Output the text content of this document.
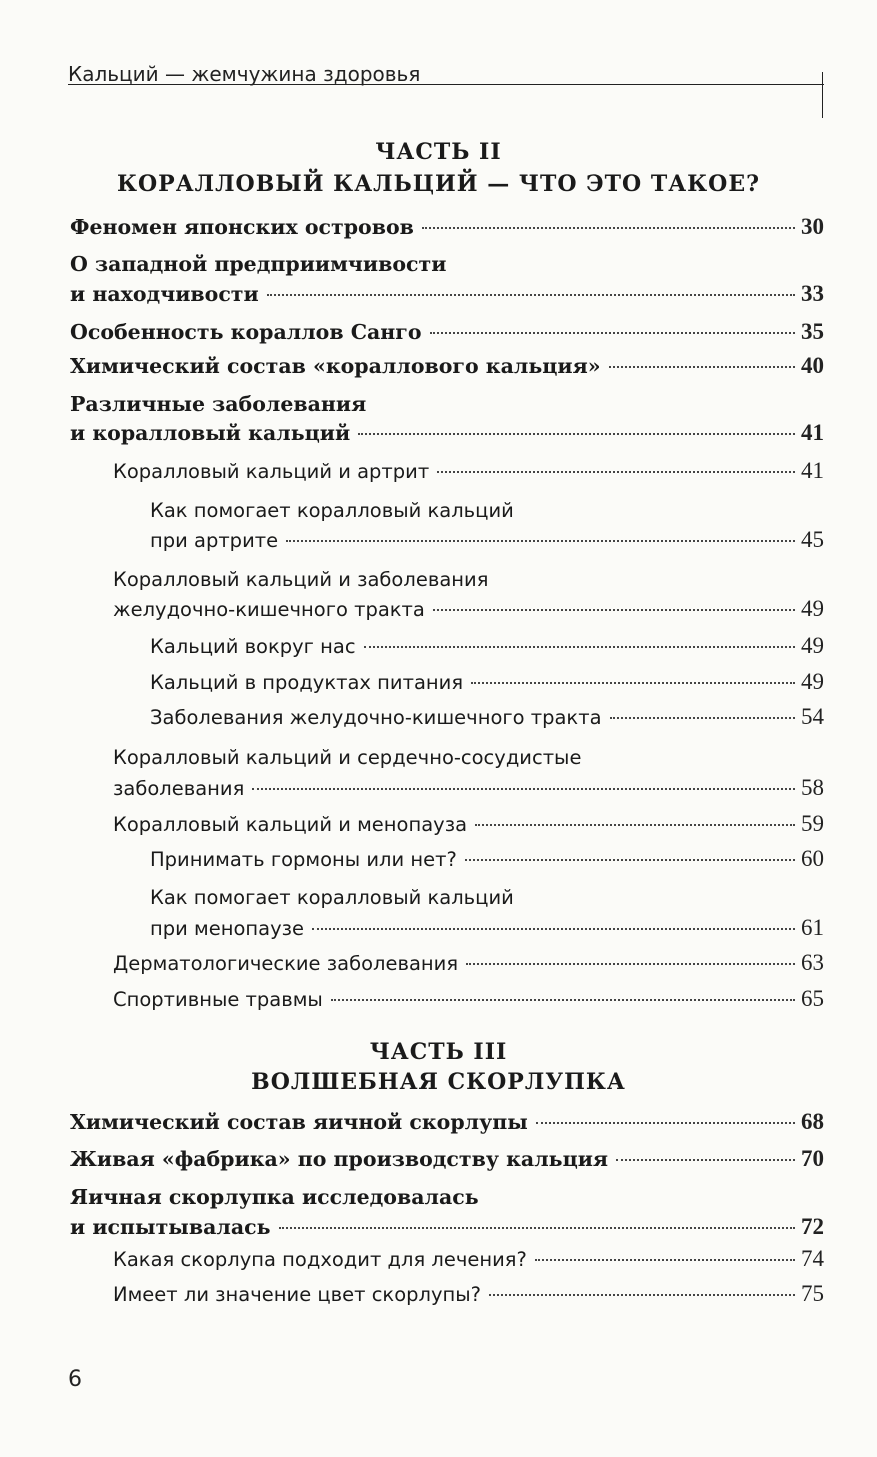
Кальций — жемчужина здоровья
ЧАСТЬ II
КОРАЛЛОВЫЙ КАЛЬЦИЙ — ЧТО ЭТО ТАКОЕ?
Феномен японских островов	30
О западной предприимчивости
и находчивости	33
Особенность кораллов Санго	35
Химический состав «кораллового кальция»	40
Различные заболевания
и коралловый кальций	41
Коралловый кальций и артрит	41
Как помогает коралловый кальций
при артрите	45
Коралловый кальций и заболевания
желудочно-кишечного тракта	49
Кальций вокруг нас	49
Кальций в продуктах питания	49
Заболевания желудочно-кишечного тракта	54
Коралловый кальций и сердечно-сосудистые
заболевания	58
Коралловый кальций и менопауза	59
Принимать гормоны или нет?	60
Как помогает коралловый кальций
при менопаузе	61
Дерматологические заболевания	63
Спортивные травмы	65
ЧАСТЬ III
ВОЛШЕБНАЯ СКОРЛУПКА
Химический состав яичной скорлупы	68
Живая «фабрика» по производству кальция	70
Яичная скорлупка исследовалась
и испытывалась	72
Какая скорлупа подходит для лечения?	74
Имеет ли значение цвет скорлупы?	75
6
